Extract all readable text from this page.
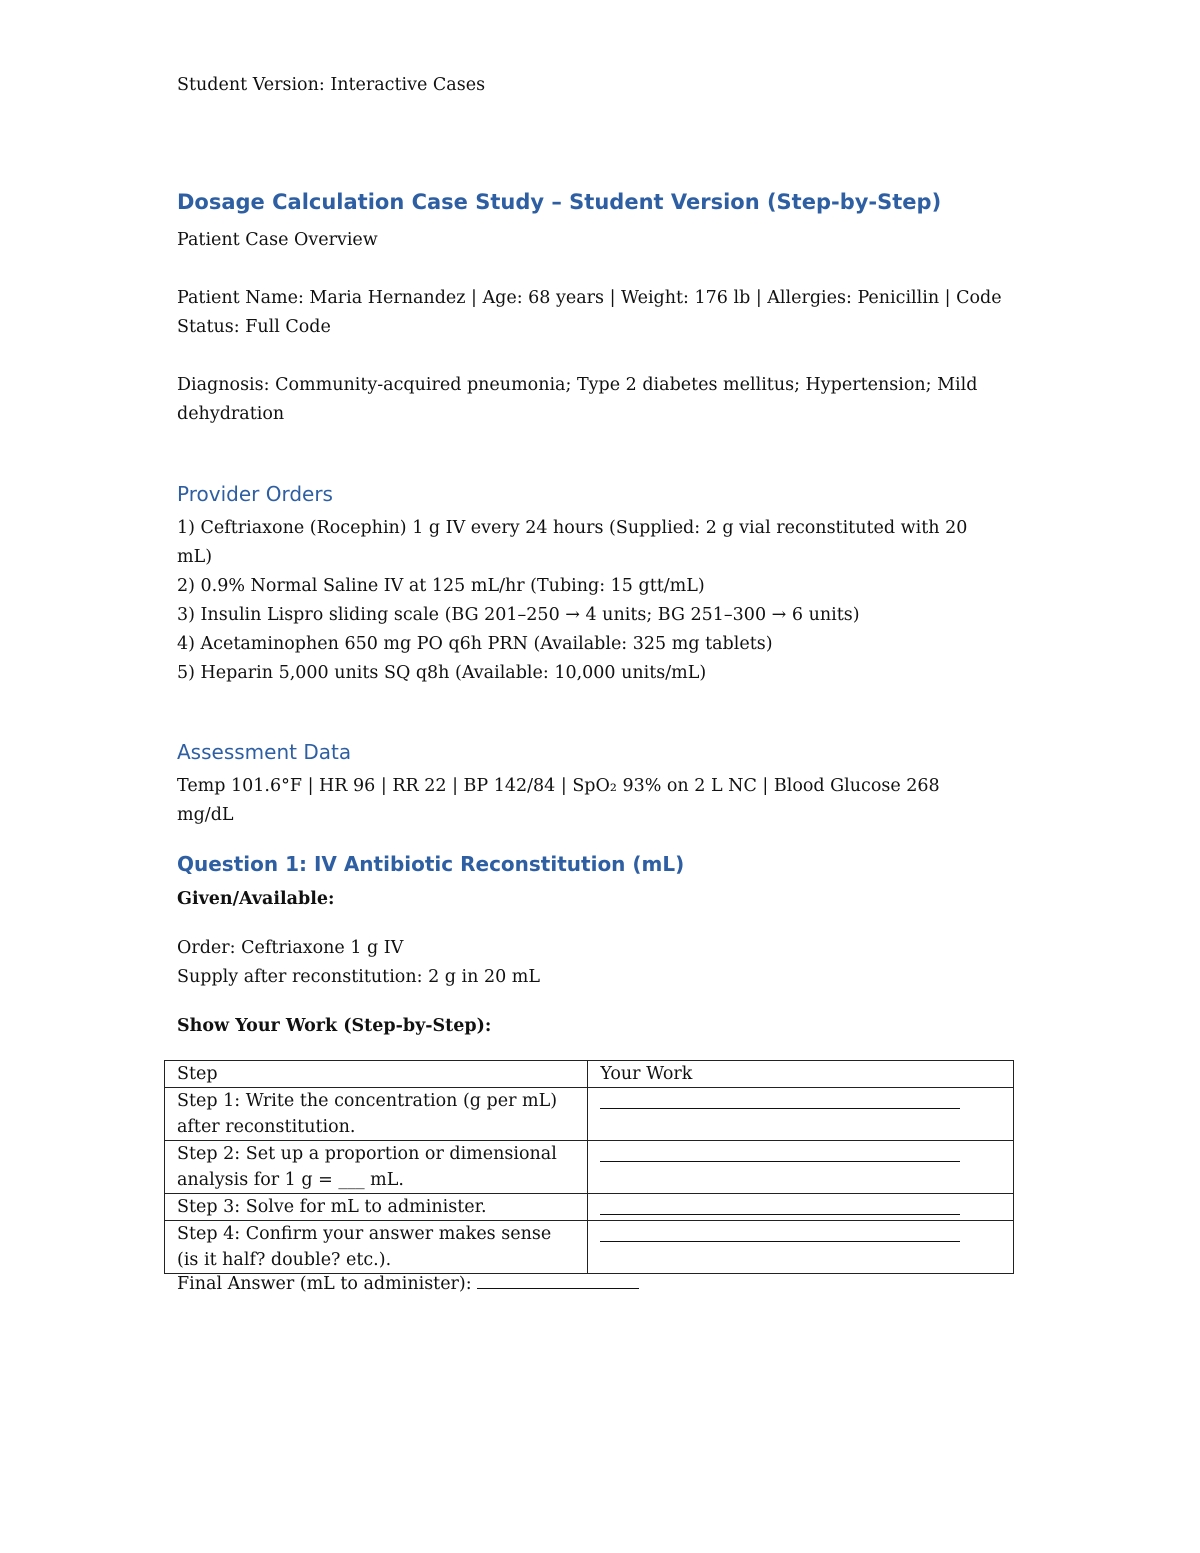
Student Version: Interactive Cases
Dosage Calculation Case Study – Student Version (Step-by-Step)
Patient Case Overview
Patient Name: Maria Hernandez | Age: 68 years | Weight: 176 lb | Allergies: Penicillin | Code
Status: Full Code
Diagnosis: Community-acquired pneumonia; Type 2 diabetes mellitus; Hypertension; Mild
dehydration
Provider Orders
1) Ceftriaxone (Rocephin) 1 g IV every 24 hours (Supplied: 2 g vial reconstituted with 20
mL)
2) 0.9% Normal Saline IV at 125 mL/hr (Tubing: 15 gtt/mL)
3) Insulin Lispro sliding scale (BG 201–250 → 4 units; BG 251–300 → 6 units)
4) Acetaminophen 650 mg PO q6h PRN (Available: 325 mg tablets)
5) Heparin 5,000 units SQ q8h (Available: 10,000 units/mL)
Assessment Data
Temp 101.6°F | HR 96 | RR 22 | BP 142/84 | SpO₂ 93% on 2 L NC | Blood Glucose 268
mg/dL
Question 1: IV Antibiotic Reconstitution (mL)
Given/Available:
Order: Ceftriaxone 1 g IV
Supply after reconstitution: 2 g in 20 mL
Show Your Work (Step-by-Step):
Step	Your Work

Step 1: Write the concentration (g per mL)
after reconstitution.	

Step 2: Set up a proportion or dimensional
analysis for 1 g = ___ mL.	

Step 3: Solve for mL to administer.	

Step 4: Confirm your answer makes sense
(is it half? double? etc.).	

Final Answer (mL to administer):
